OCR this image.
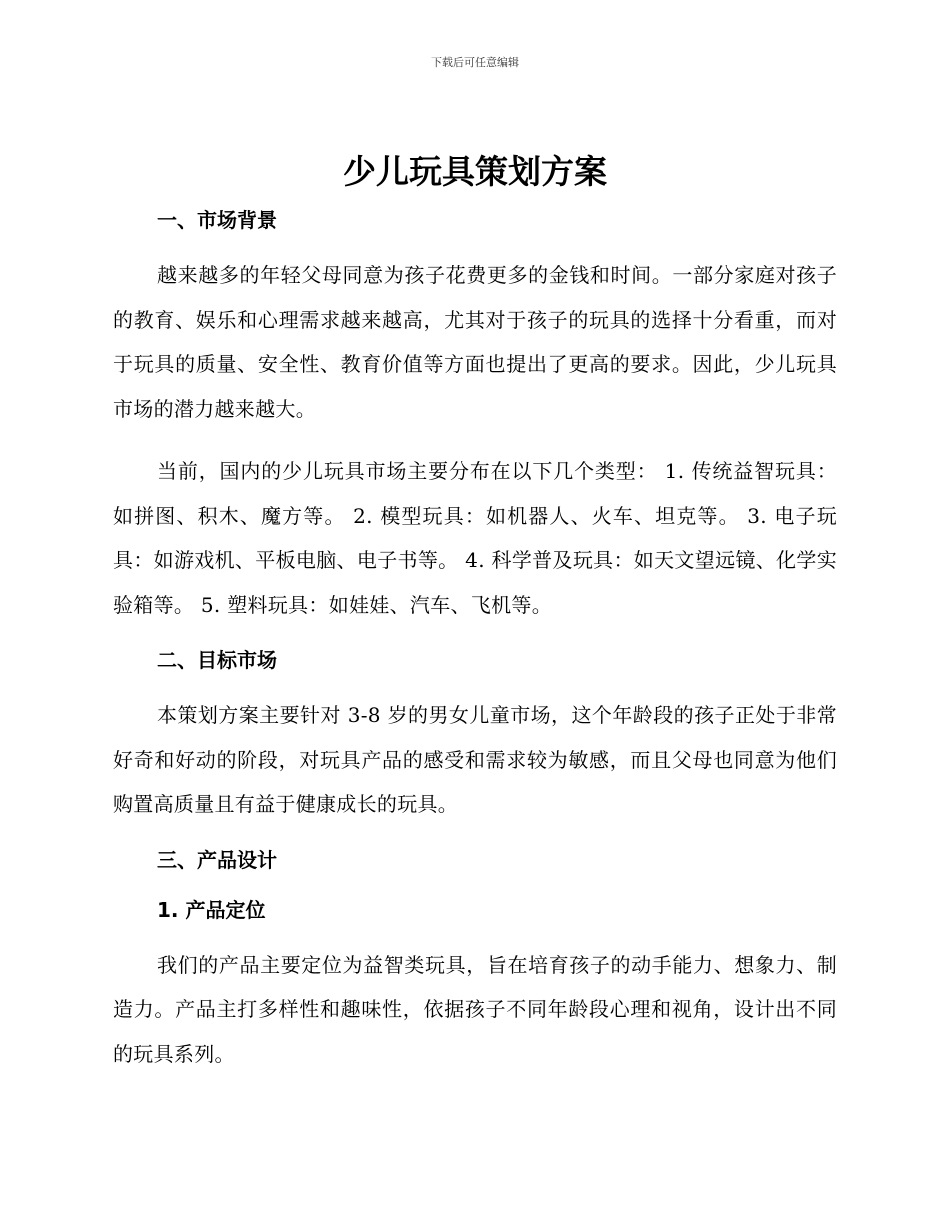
下载后可任意编辑
少儿玩具策划方案
一、市场背景

越来越多的年轻父母同意为孩子花费更多的金钱和时间。一部分家庭对孩子的教育、娱乐和心理需求越来越高，尤其对于孩子的玩具的选择十分看重，而对于玩具的质量、安全性、教育价值等方面也提出了更高的要求。因此，少儿玩具市场的潜力越来越大。

当前，国内的少儿玩具市场主要分布在以下几个类型： 1. 传统益智玩具：如拼图、积木、魔方等。 2. 模型玩具：如机器人、火车、坦克等。 3. 电子玩具：如游戏机、平板电脑、电子书等。 4. 科学普及玩具：如天文望远镜、化学实验箱等。 5. 塑料玩具：如娃娃、汽车、飞机等。

二、目标市场

本策划方案主要针对 3-8 岁的男女儿童市场，这个年龄段的孩子正处于非常好奇和好动的阶段，对玩具产品的感受和需求较为敏感，而且父母也同意为他们购置高质量且有益于健康成长的玩具。

三、产品设计
1. 产品定位

我们的产品主要定位为益智类玩具，旨在培育孩子的动手能力、想象力、制造力。产品主打多样性和趣味性，依据孩子不同年龄段心理和视角，设计出不同的玩具系列。
